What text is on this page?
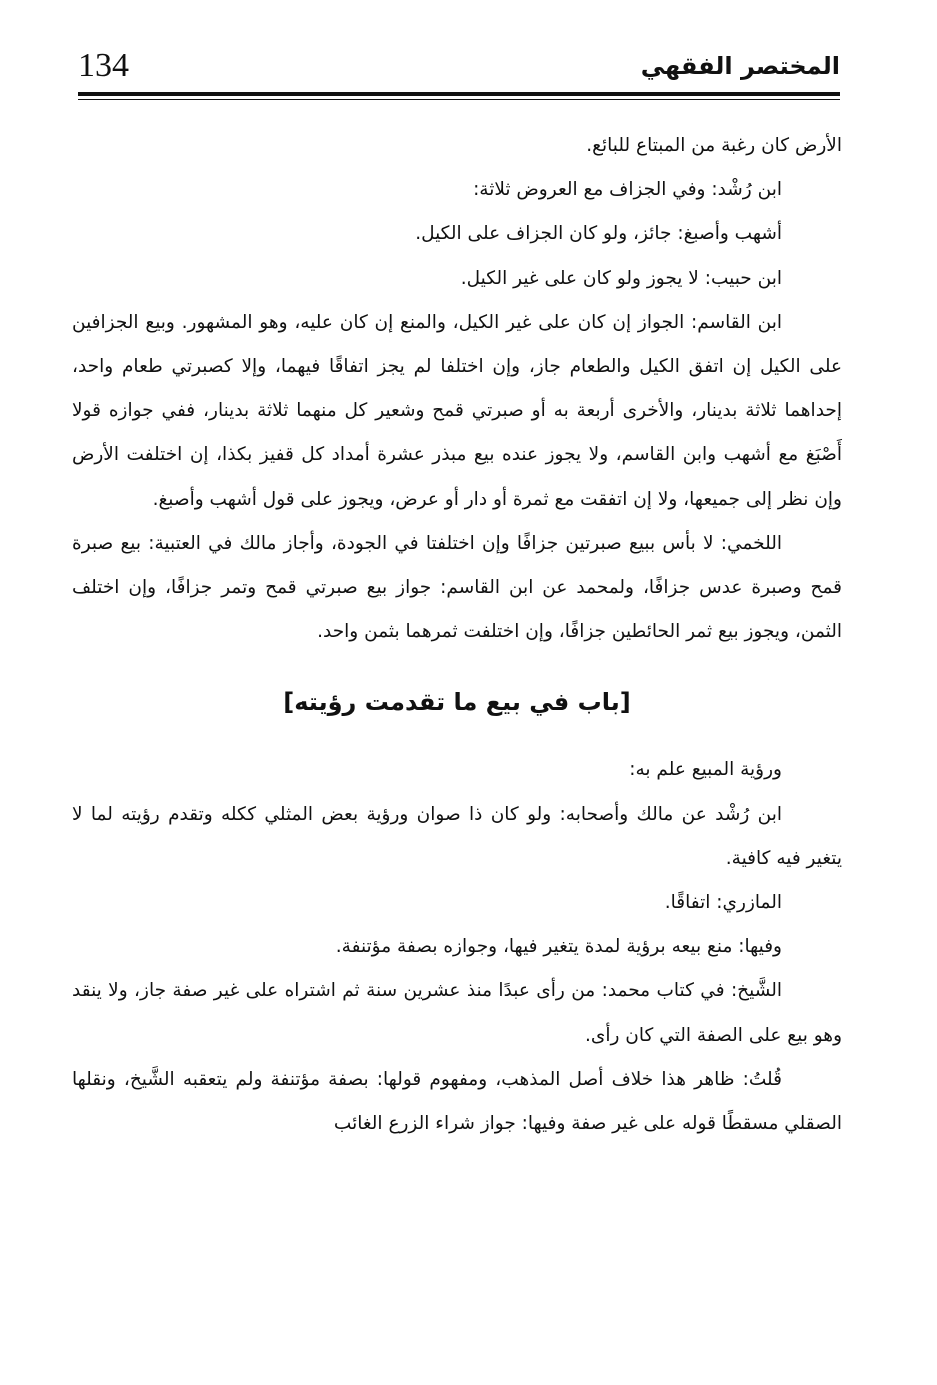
134	المختصر الفقهي

الأرض كان رغبة من المبتاع للبائع.

ابن رُشْد: وفي الجزاف مع العروض ثلاثة:

أشهب وأصبغ: جائز، ولو كان الجزاف على الكيل.

ابن حبيب: لا يجوز ولو كان على غير الكيل.

ابن القاسم: الجواز إن كان على غير الكيل، والمنع إن كان عليه، وهو المشهور. وبيع الجزافين على الكيل إن اتفق الكيل والطعام جاز، وإن اختلفا لم يجز اتفاقًا فيهما، وإلا كصبرتي طعام واحد، إحداهما ثلاثة بدينار، والأخرى أربعة به أو صبرتي قمح وشعير كل منهما ثلاثة بدينار، ففي جوازه قولا أَصْبَغ مع أشهب وابن القاسم، ولا يجوز عنده بيع مبذر عشرة أمداد كل قفيز بكذا، إن اختلفت الأرض وإن نظر إلى جميعها، ولا إن اتفقت مع ثمرة أو دار أو عرض، ويجوز على قول أشهب وأصبغ.

اللخمي: لا بأس ببيع صبرتين جزافًا وإن اختلفتا في الجودة، وأجاز مالك في العتبية: بيع صبرة قمح وصبرة عدس جزافًا، ولمحمد عن ابن القاسم: جواز بيع صبرتي قمح وتمر جزافًا، وإن اختلف الثمن، ويجوز بيع ثمر الحائطين جزافًا، وإن اختلفت ثمرهما بثمن واحد.

[باب في بيع ما تقدمت رؤيته]

ورؤية المبيع علم به:

ابن رُشْد عن مالك وأصحابه: ولو كان ذا صوان ورؤية بعض المثلي ككله وتقدم رؤيته لما لا يتغير فيه كافية.

المازري: اتفاقًا.

وفيها: منع بيعه برؤية لمدة يتغير فيها، وجوازه بصفة مؤتنفة.

الشَّيخ: في كتاب محمد: من رأى عبدًا منذ عشرين سنة ثم اشتراه على غير صفة جاز، ولا ينقد وهو بيع على الصفة التي كان رأى.

قُلتُ: ظاهر هذا خلاف أصل المذهب، ومفهوم قولها: بصفة مؤتنفة ولم يتعقبه الشَّيخ، ونقلها الصقلي مسقطًا قوله على غير صفة وفيها: جواز شراء الزرع الغائب
